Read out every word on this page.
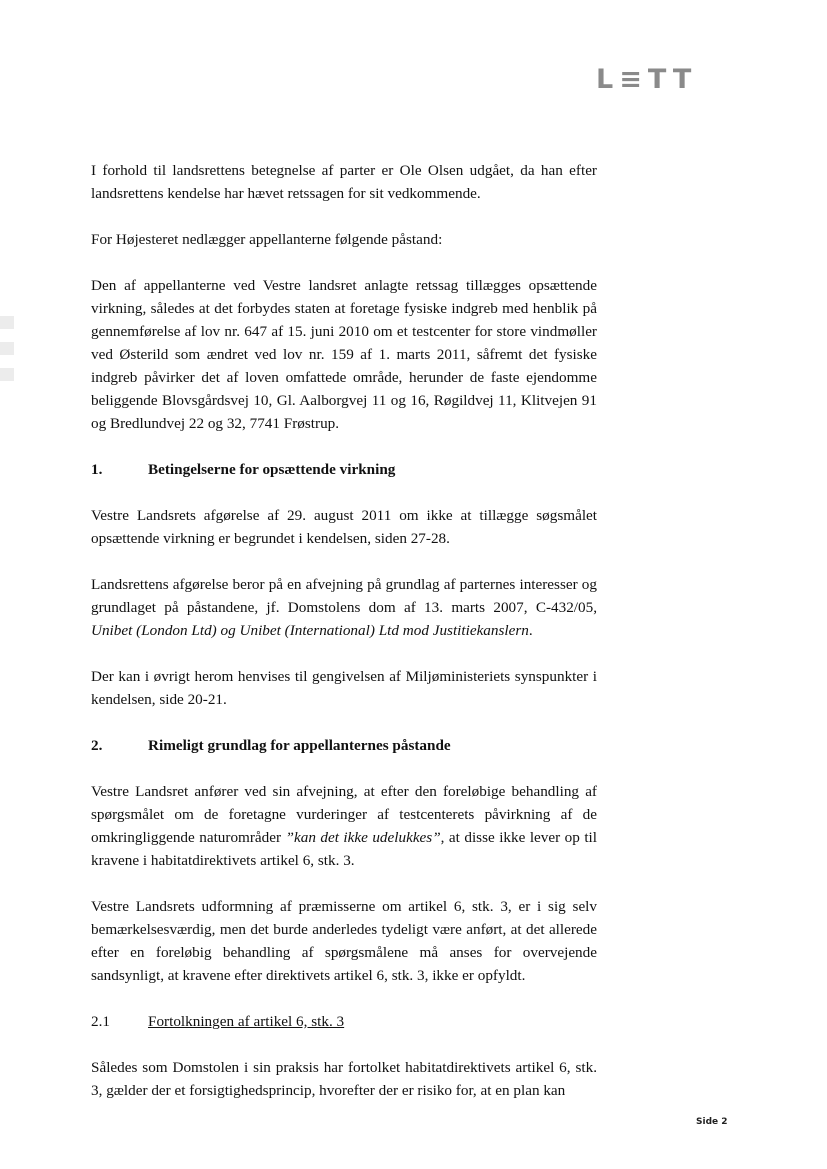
L≡TT

I forhold til landsrettens betegnelse af parter er Ole Olsen udgået, da han efter landsrettens kendelse har hævet retssagen for sit vedkommende.

For Højesteret nedlægger appellanterne følgende påstand:

Den af appellanterne ved Vestre landsret anlagte retssag tillægges opsættende virkning, således at det forbydes staten at foretage fysiske indgreb med henblik på gennemførelse af lov nr. 647 af 15. juni 2010 om et testcenter for store vindmøller ved Østerild som ændret ved lov nr. 159 af 1. marts 2011, såfremt det fysiske indgreb påvirker det af loven omfattede område, herunder de faste ejendomme beliggende Blovsgårdsvej 10, Gl. Aalborgvej 11 og 16, Røgildvej 11, Klitvejen 91 og Bredlundvej 22 og 32, 7741 Frøstrup.

1.	Betingelserne for opsættende virkning

Vestre Landsrets afgørelse af 29. august 2011 om ikke at tillægge søgsmålet opsættende virkning er begrundet i kendelsen, siden 27-28.

Landsrettens afgørelse beror på en afvejning på grundlag af parternes interesser og grundlaget på påstandene, jf. Domstolens dom af 13. marts 2007, C-432/05, Unibet (London Ltd) og Unibet (International) Ltd mod Justitiekanslern.

Der kan i øvrigt herom henvises til gengivelsen af Miljøministeriets synspunkter i kendelsen, side 20-21.

2.	Rimeligt grundlag for appellanternes påstande

Vestre Landsret anfører ved sin afvejning, at efter den foreløbige behandling af spørgsmålet om de foretagne vurderinger af testcenterets påvirkning af de omkringliggende naturområder ”kan det ikke udelukkes”, at disse ikke lever op til kravene i habitatdirektivets artikel 6, stk. 3.

Vestre Landsrets udformning af præmisserne om artikel 6, stk. 3, er i sig selv bemærkelsesværdig, men det burde anderledes tydeligt være anført, at det allerede efter en foreløbig behandling af spørgsmålene må anses for overvejende sandsynligt, at kravene efter direktivets artikel 6, stk. 3, ikke er opfyldt.

2.1	Fortolkningen af artikel 6, stk. 3

Således som Domstolen i sin praksis har fortolket habitatdirektivets artikel 6, stk. 3, gælder der et forsigtighedsprincip, hvorefter der er risiko for, at en plan kan

Side 2
